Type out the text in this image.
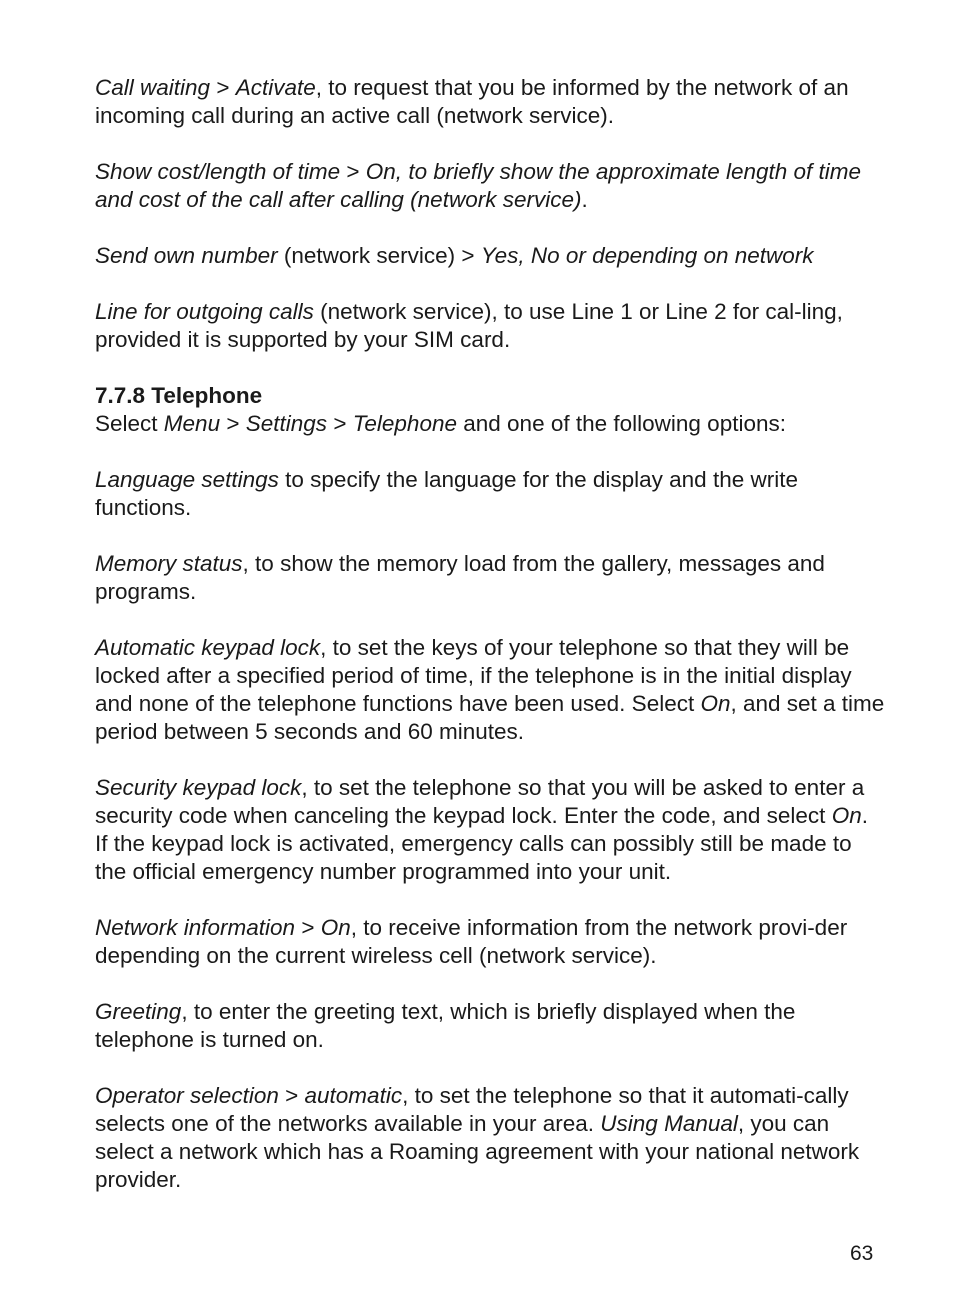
Call waiting > Activate, to request that you be informed by the network of an incoming call during an active call (network service).

Show cost/length of time > On, to briefly show the approximate length of time and cost of the call after calling (network service).

Send own number (network service) > Yes, No or depending on network

Line for outgoing calls (network service), to use Line 1 or Line 2 for cal-ling, provided it is supported by your SIM card.

7.7.8 Telephone

Select Menu > Settings > Telephone and one of the following options:

Language settings to specify the language for the display and the write functions.

Memory status, to show the memory load from the gallery, messages and programs.

Automatic keypad lock, to set the keys of your telephone so that they will be locked after a specified period of time, if the telephone is in the initial display and none of the telephone functions have been used. Select On, and set a time period between 5 seconds and 60 minutes.

Security keypad lock, to set the telephone so that you will be asked to enter a security code when canceling the keypad lock. Enter the code, and select On. If the keypad lock is activated, emergency calls can possibly still be made to the official emergency number programmed into your unit.

Network information > On, to receive information from the network provi-der depending on the current wireless cell (network service).

Greeting, to enter the greeting text, which is briefly displayed when the telephone is turned on.

Operator selection > automatic, to set the telephone so that it automati-cally selects one of the networks available in your area. Using Manual, you can select a network which has a Roaming agreement with your national network provider.

63
